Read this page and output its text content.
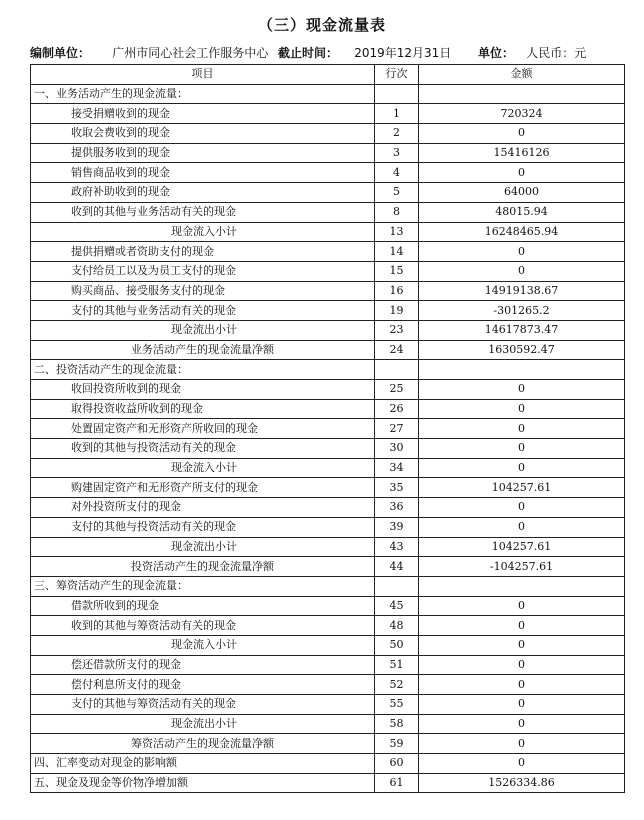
（三）现金流量表
编制单位： 广州市同心社会工作服务中心 截止时间： 2019年12月31日 单位： 人民币：元
项目	行次	金额
一、业务活动产生的现金流量：		
接受捐赠收到的现金	1	720324
收取会费收到的现金	2	0
提供服务收到的现金	3	15416126
销售商品收到的现金	4	0
政府补助收到的现金	5	64000
收到的其他与业务活动有关的现金	8	48015.94
现金流入小计	13	16248465.94
提供捐赠或者资助支付的现金	14	0
支付给员工以及为员工支付的现金	15	0
购买商品、接受服务支付的现金	16	14919138.67
支付的其他与业务活动有关的现金	19	-301265.2
现金流出小计	23	14617873.47
业务活动产生的现金流量净额	24	1630592.47
二、投资活动产生的现金流量：		
收回投资所收到的现金	25	0
取得投资收益所收到的现金	26	0
处置固定资产和无形资产所收回的现金	27	0
收到的其他与投资活动有关的现金	30	0
现金流入小计	34	0
购建固定资产和无形资产所支付的现金	35	104257.61
对外投资所支付的现金	36	0
支付的其他与投资活动有关的现金	39	0
现金流出小计	43	104257.61
投资活动产生的现金流量净额	44	-104257.61
三、筹资活动产生的现金流量：		
借款所收到的现金	45	0
收到的其他与筹资活动有关的现金	48	0
现金流入小计	50	0
偿还借款所支付的现金	51	0
偿付利息所支付的现金	52	0
支付的其他与筹资活动有关的现金	55	0
现金流出小计	58	0
筹资活动产生的现金流量净额	59	0
四、汇率变动对现金的影响额	60	0
五、现金及现金等价物净增加额	61	1526334.86
